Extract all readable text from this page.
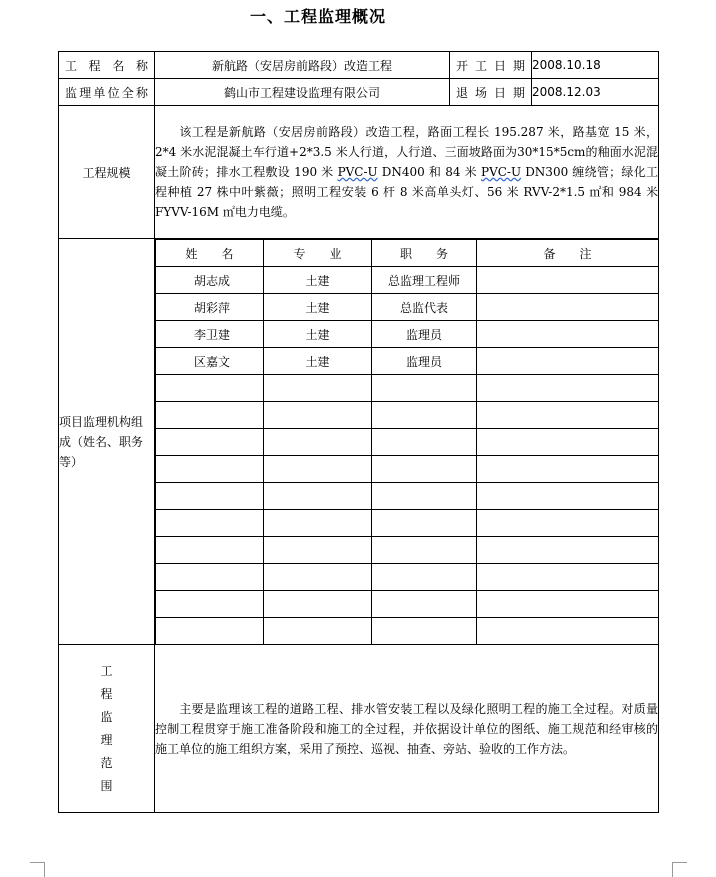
一、工程监理概况
工 程 名 称	新航路（安居房前路段）改造工程	开 工 日 期	2008.10.18

监 理 单 位 全 称	鹤山市工程建设监理有限公司	退 场 日 期	2008.12.03
工程规模	该工程是新航路（安居房前路段）改造工程，路面工程长 195.287 米，路基宽 15 米，2*4 米水泥混凝土车行道+2*3.5 米人行道，人行道、三面坡路面为30*15*5cm的釉面水泥混凝土阶砖；排水工程敷设 190 米 PVC-U DN400 和 84 米 PVC-U DN300 缠绕管；绿化工程种植 27 株中叶紫薇；照明工程安装 6 杆 8 米高单头灯、56 米 RVV-2*1.5 ㎡和 984 米 FYVV-16M ㎡电力电缆。
项目监理机构组成（姓名、职务等）	
姓　　名	专　　业	职　　务	备　　注
胡志成	土建	总监理工程师	
胡彩萍	土建	总监代表	
李卫建	土建	监理员	
区嘉文	土建	监理员	

工
程
监
理
范
围
	主要是监理该工程的道路工程、排水管安装工程以及绿化照明工程的施工全过程。对质量控制工程贯穿于施工准备阶段和施工的全过程，并依据设计单位的图纸、施工规范和经审核的施工单位的施工组织方案，采用了预控、巡视、抽查、旁站、验收的工作方法。
